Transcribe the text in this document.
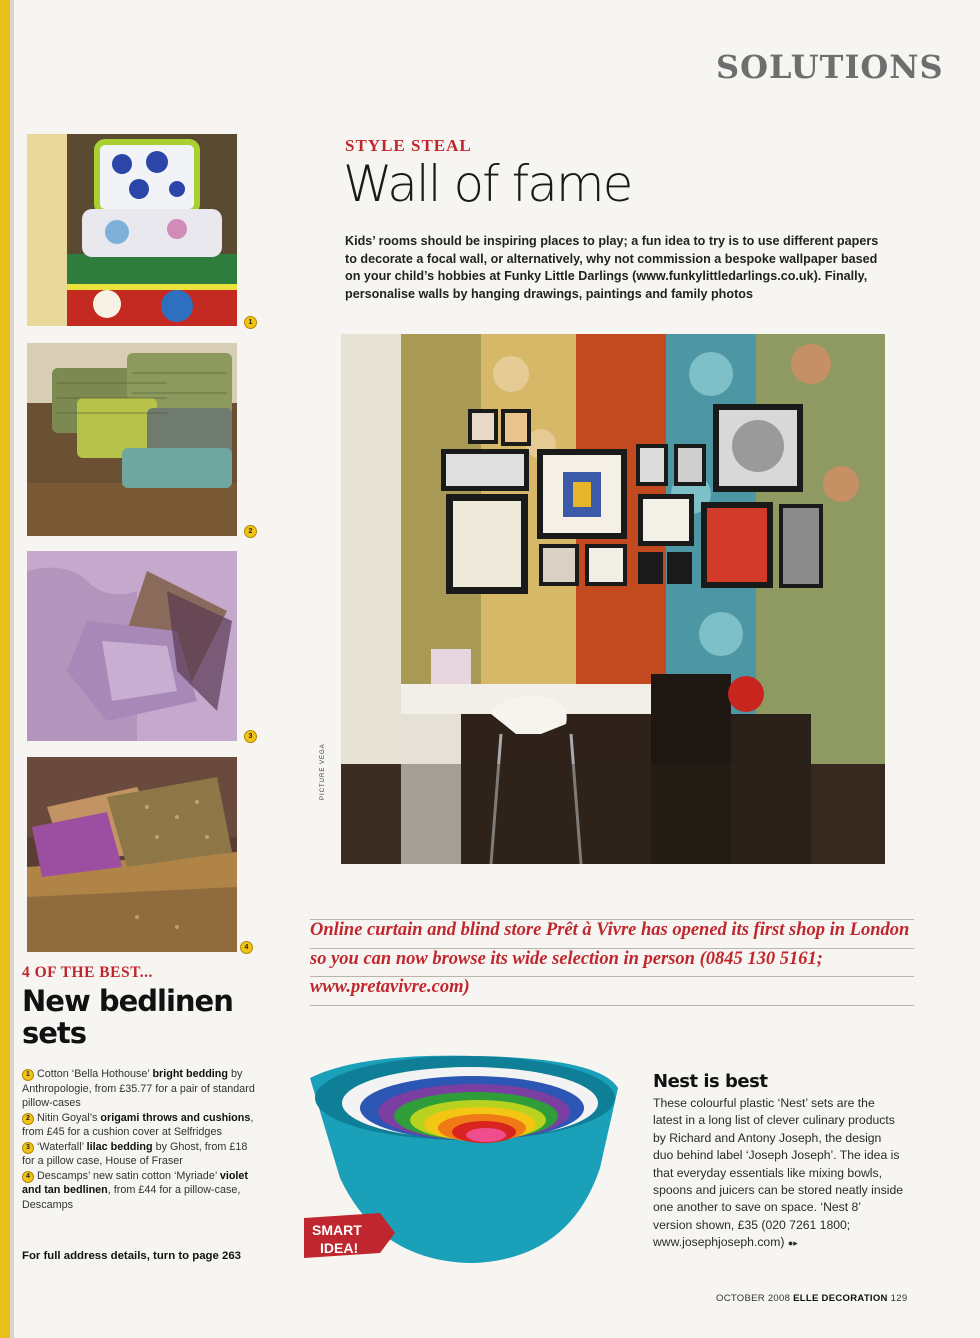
SOLUTIONS
1
2
3
4
4 OF THE BEST...
New bedlinen sets
1 Cotton ‘Bella Hothouse’ bright bedding by Anthropologie, from £35.77 for a pair of standard pillow-cases
2 Nitin Goyal’s origami throws and cushions, from £45 for a cushion cover at Selfridges
3 ‘Waterfall’ lilac bedding by Ghost, from £18 for a pillow case, House of Fraser
4 Descamps’ new satin cotton ‘Myriade’ violet and tan bedlinen, from £44 for a pillow-case, Descamps
For full address details, turn to page 263
STYLE STEAL
Wall of fame
Kids’ rooms should be inspiring places to play; a fun idea to try is to use different papers to decorate a focal wall, or alternatively, why not commission a bespoke wallpaper based on your child’s hobbies at Funky Little Darlings (www.funkylittledarlings.co.uk). Finally, personalise walls by hanging drawings, paintings and family photos
PICTURE VEGA
Online curtain and blind store Prêt à Vivre has opened its first shop in London so you can now browse its wide selection in person (0845 130 5161; www.pretavivre.com)
SMART
IDEA!
Nest is best
These colourful plastic ‘Nest’ sets are the latest in a long list of clever culinary products by Richard and Antony Joseph, the design duo behind label ‘Joseph Joseph’. The idea is that everyday essentials like mixing bowls, spoons and juicers can be stored neatly inside one another to save on space. ‘Nest 8’ version shown, £35 (020 7261 1800; www.josephjoseph.com) ●▸
OCTOBER 2008 ELLE DECORATION 129
